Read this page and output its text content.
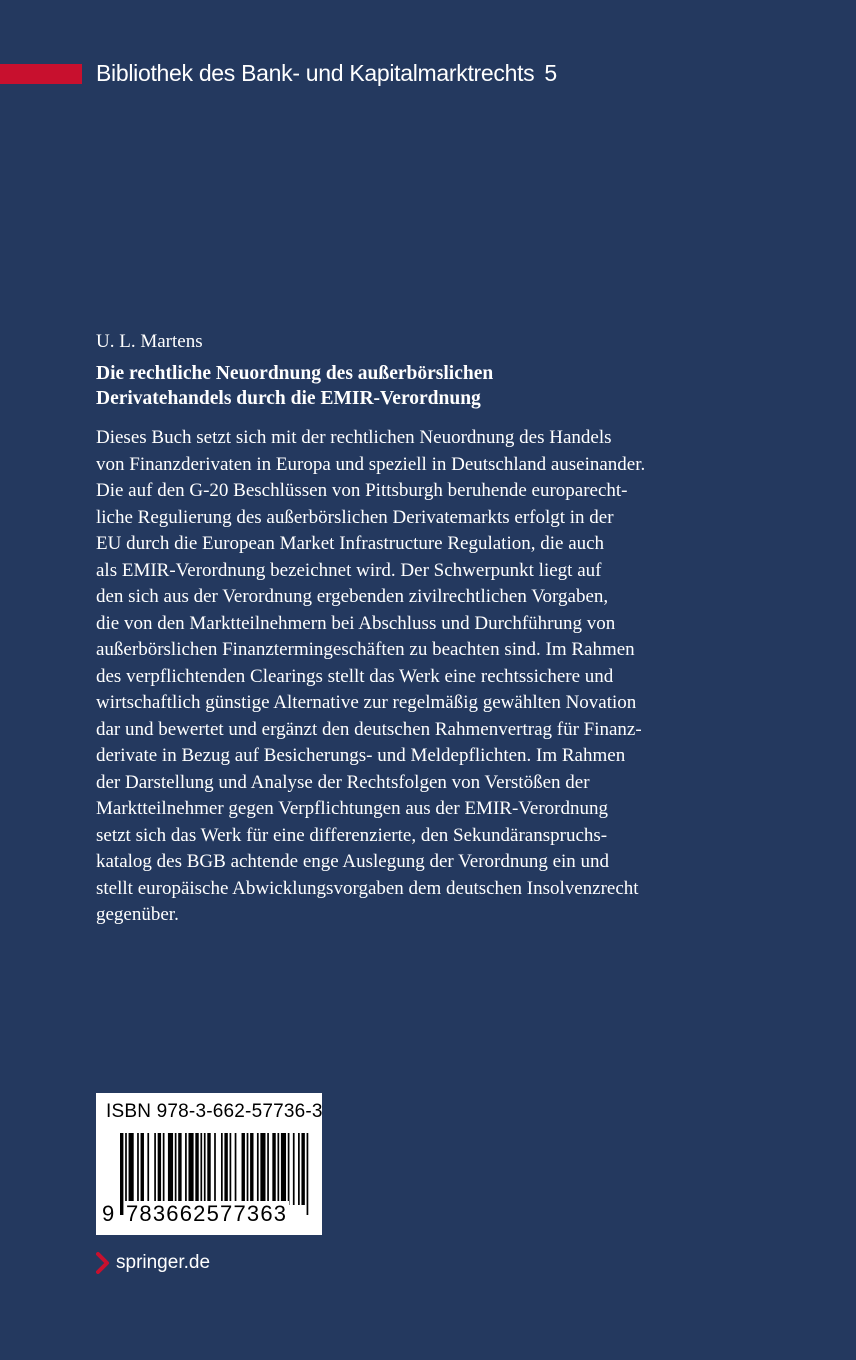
Bibliothek des Bank- und Kapitalmarktrechts 5
U. L. Martens
Die rechtliche Neuordnung des außerbörslichen
Derivatehandels durch die EMIR-Verordnung
Dieses Buch setzt sich mit der rechtlichen Neuordnung des Handels
von Finanzderivaten in Europa und speziell in Deutschland auseinander.
Die auf den G-20 Beschlüssen von Pittsburgh beruhende europarecht-
liche Regulierung des außerbörslichen Derivatemarkts erfolgt in der
EU durch die European Market Infrastructure Regulation, die auch
als EMIR-Verordnung bezeichnet wird. Der Schwerpunkt liegt auf
den sich aus der Verordnung ergebenden zivilrechtlichen Vorgaben,
die von den Marktteilnehmern bei Abschluss und Durchführung von
außerbörslichen Finanztermingeschäften zu beachten sind. Im Rahmen
des verpflichtenden Clearings stellt das Werk eine rechtssichere und
wirtschaftlich günstige Alternative zur regelmäßig gewählten Novation
dar und bewertet und ergänzt den deutschen Rahmenvertrag für Finanz-
derivate in Bezug auf Besicherungs- und Meldepflichten. Im Rahmen
der Darstellung und Analyse der Rechtsfolgen von Verstößen der
Marktteilnehmer gegen Verpflichtungen aus der EMIR-Verordnung
setzt sich das Werk für eine differenzierte, den Sekundäranspruchs-
katalog des BGB achtende enge Auslegung der Verordnung ein und
stellt europäische Abwicklungsvorgaben dem deutschen Insolvenzrecht
gegenüber.
ISBN 978-3-662-57736-3
9 783662577363
springer.de
